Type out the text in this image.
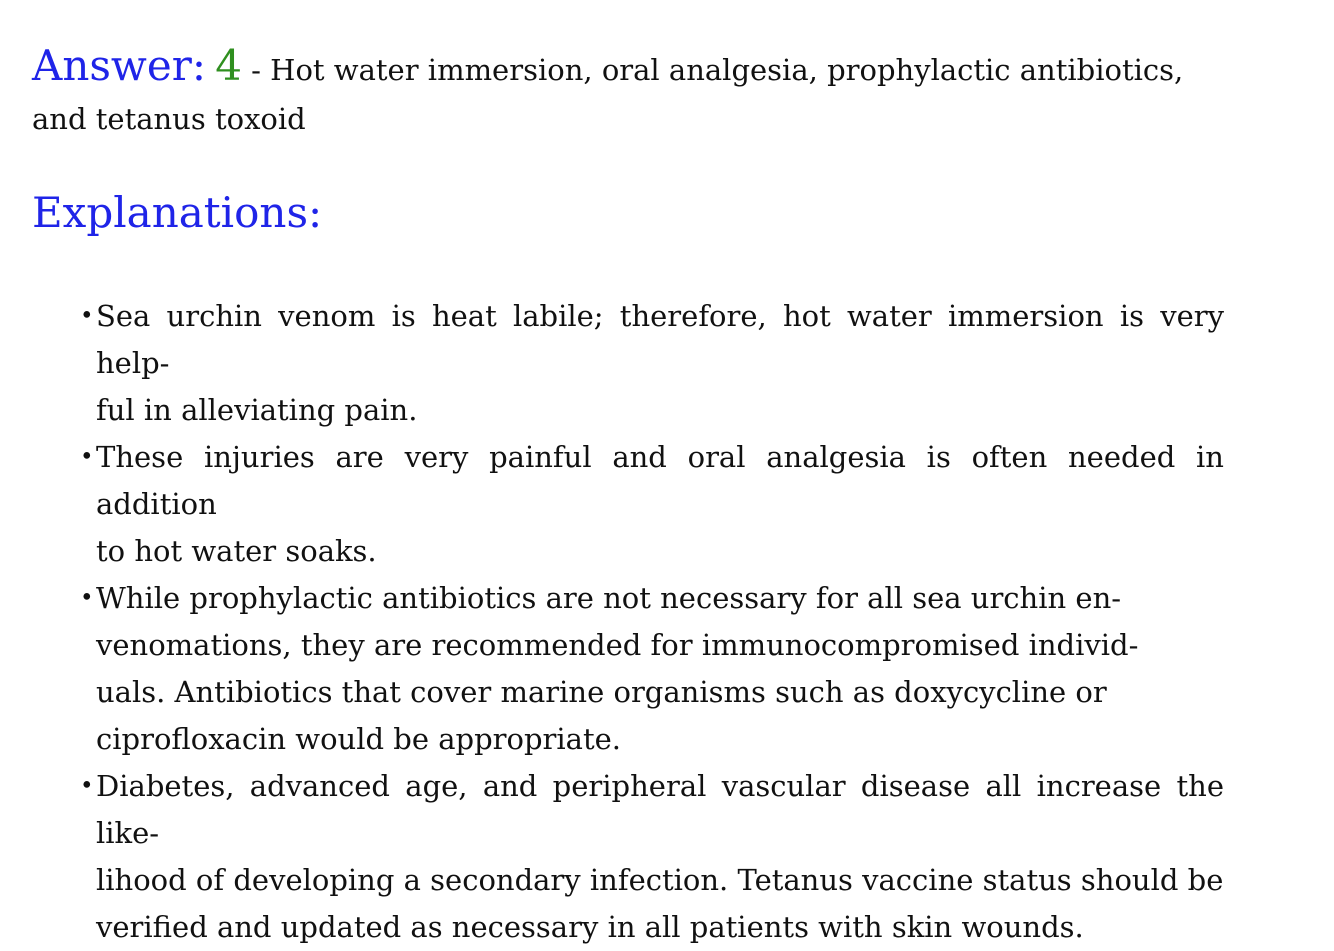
Answer: 4 - Hot water immersion, oral analgesia, prophylactic antibiotics,
and tetanus toxoid
Explanations:
• Sea urchin venom is heat labile; therefore, hot water immersion is very help-
ful in alleviating pain.
• These injuries are very painful and oral analgesia is often needed in addition
to hot water soaks.
• While prophylactic antibiotics are not necessary for all sea urchin en-
venomations, they are recommended for immunocompromised individ-
uals. Antibiotics that cover marine organisms such as doxycycline or
ciprofloxacin would be appropriate.
• Diabetes, advanced age, and peripheral vascular disease all increase the like-
lihood of developing a secondary infection. Tetanus vaccine status should be
verified and updated as necessary in all patients with skin wounds.
